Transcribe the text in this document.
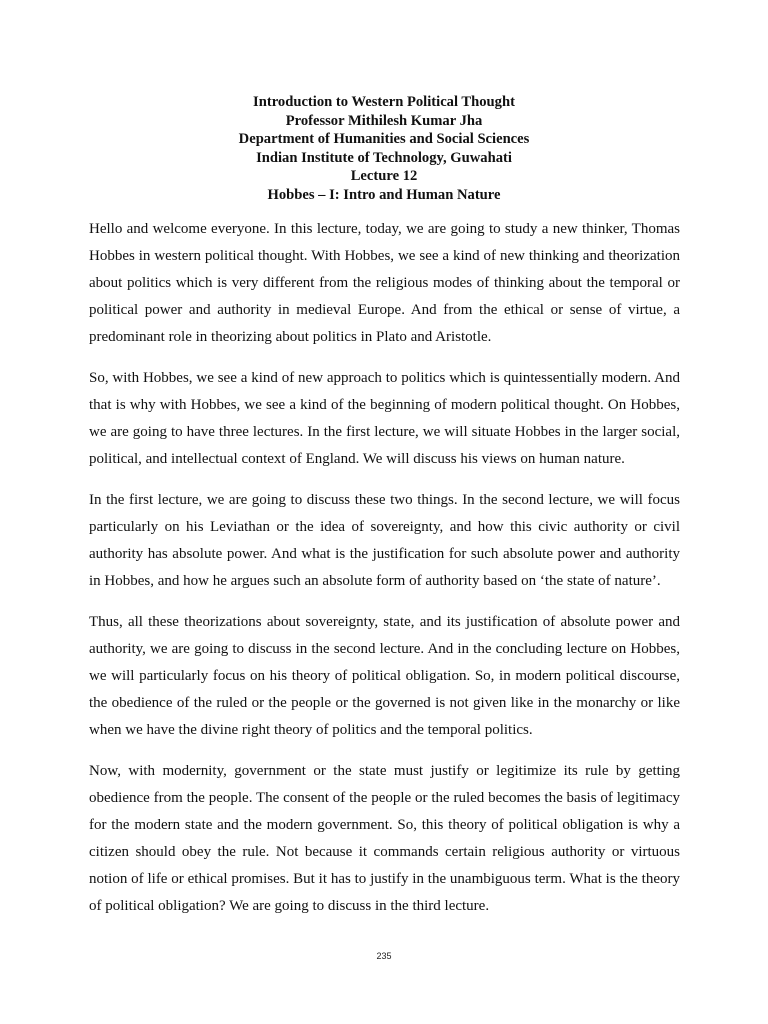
Introduction to Western Political Thought
Professor Mithilesh Kumar Jha
Department of Humanities and Social Sciences
Indian Institute of Technology, Guwahati
Lecture 12
Hobbes – I: Intro and Human Nature

Hello and welcome everyone. In this lecture, today, we are going to study a new thinker, Thomas Hobbes in western political thought. With Hobbes, we see a kind of new thinking and theorization about politics which is very different from the religious modes of thinking about the temporal or political power and authority in medieval Europe. And from the ethical or sense of virtue, a predominant role in theorizing about politics in Plato and Aristotle.

So, with Hobbes, we see a kind of new approach to politics which is quintessentially modern. And that is why with Hobbes, we see a kind of the beginning of modern political thought. On Hobbes, we are going to have three lectures. In the first lecture, we will situate Hobbes in the larger social, political, and intellectual context of England. We will discuss his views on human nature.

In the first lecture, we are going to discuss these two things. In the second lecture, we will focus particularly on his Leviathan or the idea of sovereignty, and how this civic authority or civil authority has absolute power. And what is the justification for such absolute power and authority in Hobbes, and how he argues such an absolute form of authority based on ‘the state of nature’.

Thus, all these theorizations about sovereignty, state, and its justification of absolute power and authority, we are going to discuss in the second lecture. And in the concluding lecture on Hobbes, we will particularly focus on his theory of political obligation. So, in modern political discourse, the obedience of the ruled or the people or the governed is not given like in the monarchy or like when we have the divine right theory of politics and the temporal politics.

Now, with modernity, government or the state must justify or legitimize its rule by getting obedience from the people. The consent of the people or the ruled becomes the basis of legitimacy for the modern state and the modern government. So, this theory of political obligation is why a citizen should obey the rule. Not because it commands certain religious authority or virtuous notion of life or ethical promises. But it has to justify in the unambiguous term. What is the theory of political obligation? We are going to discuss in the third lecture.

235
